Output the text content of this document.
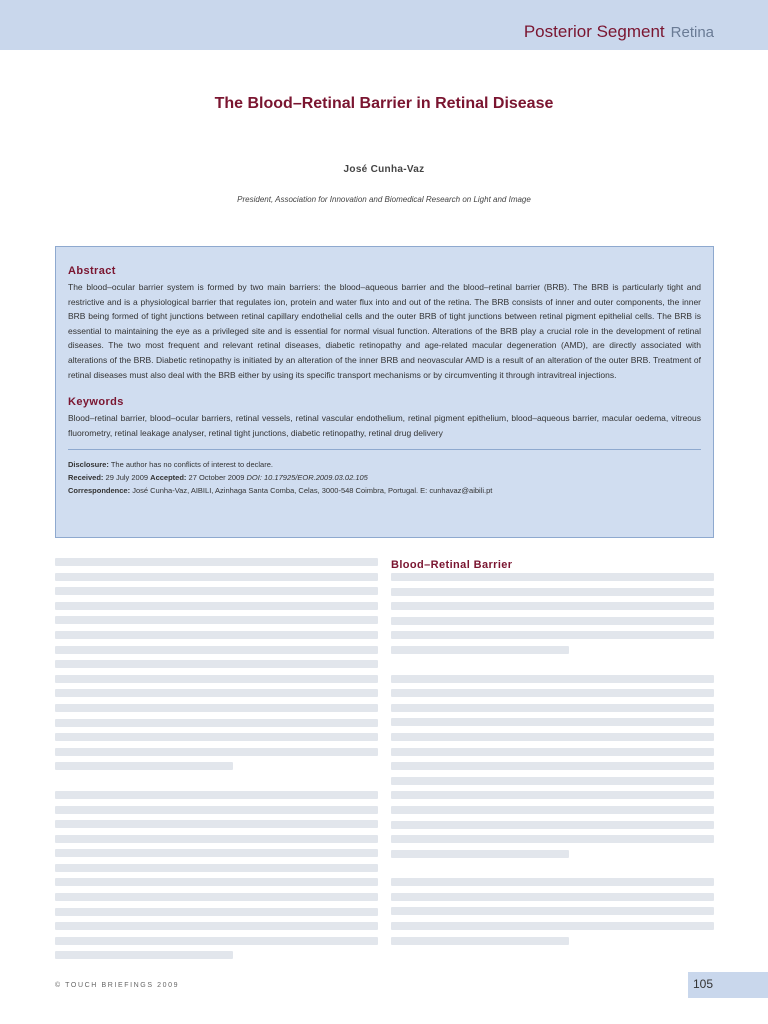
Posterior Segment Retina
The Blood–Retinal Barrier in Retinal Disease
José Cunha-Vaz
President, Association for Innovation and Biomedical Research on Light and Image
Abstract

The blood–ocular barrier system is formed by two main barriers: the blood–aqueous barrier and the blood–retinal barrier (BRB). The BRB is particularly tight and restrictive and is a physiological barrier that regulates ion, protein and water flux into and out of the retina. The BRB consists of inner and outer components, the inner BRB being formed of tight junctions between retinal capillary endothelial cells and the outer BRB of tight junctions between retinal pigment epithelial cells. The BRB is essential to maintaining the eye as a privileged site and is essential for normal visual function. Alterations of the BRB play a crucial role in the development of retinal diseases. The two most frequent and relevant retinal diseases, diabetic retinopathy and age-related macular degeneration (AMD), are directly associated with alterations of the BRB. Diabetic retinopathy is initiated by an alteration of the inner BRB and neovascular AMD is a result of an alteration of the outer BRB. Treatment of retinal diseases must also deal with the BRB either by using its specific transport mechanisms or by circumventing it through intravitreal injections.

Keywords

Blood–retinal barrier, blood–ocular barriers, retinal vessels, retinal vascular endothelium, retinal pigment epithelium, blood–aqueous barrier, macular oedema, vitreous fluorometry, retinal leakage analyser, retinal tight junctions, diabetic retinopathy, retinal drug delivery

Disclosure: The author has no conflicts of interest to declare.
Received: 29 July 2009 Accepted: 27 October 2009 DOI: 10.17925/EOR.2009.03.02.105
Correspondence: José Cunha-Vaz, AIBILI, Azinhaga Santa Comba, Celas, 3000-548 Coimbra, Portugal. E: cunhavaz@aibili.pt
Blood–Retinal Barrier
© TOUCH BRIEFINGS 2009	105
